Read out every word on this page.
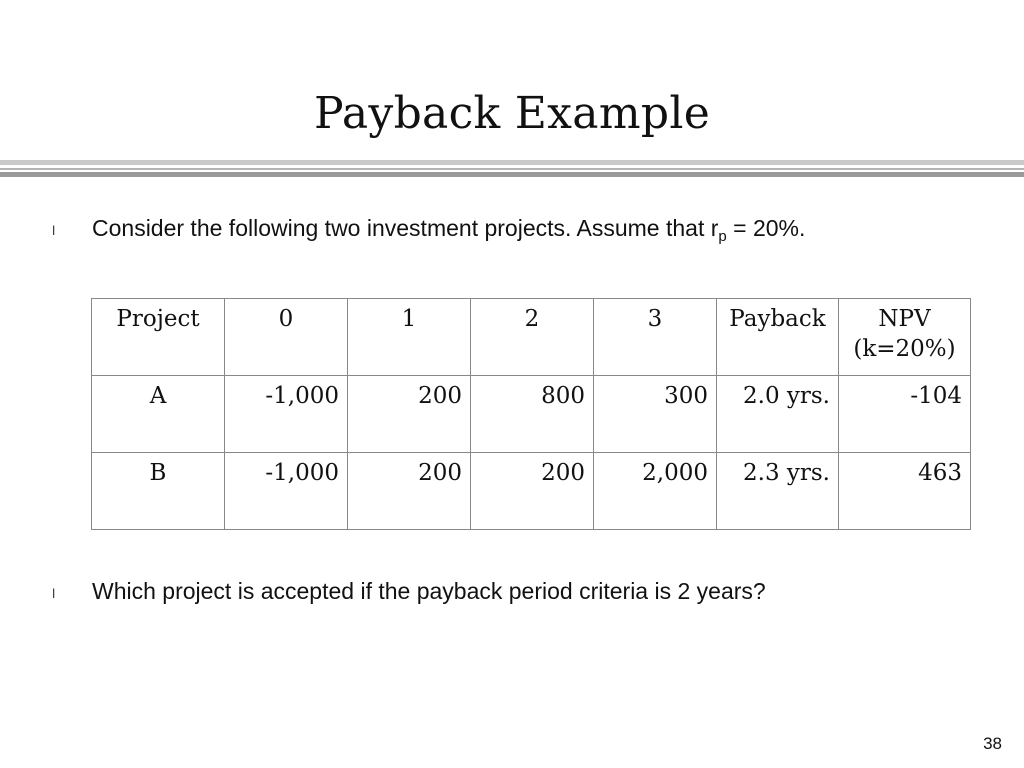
Payback Example
l Consider the following two investment projects. Assume that $r_p = 20\%$.
Project	0	1	2	3	Payback	NPV
(k=20%)
A	-1,000	200	800	300	2.0 yrs.	-104
B	-1,000	200	200	2,000	2.3 yrs.	463
l Which project is accepted if the payback period criteria is 2 years?
38
